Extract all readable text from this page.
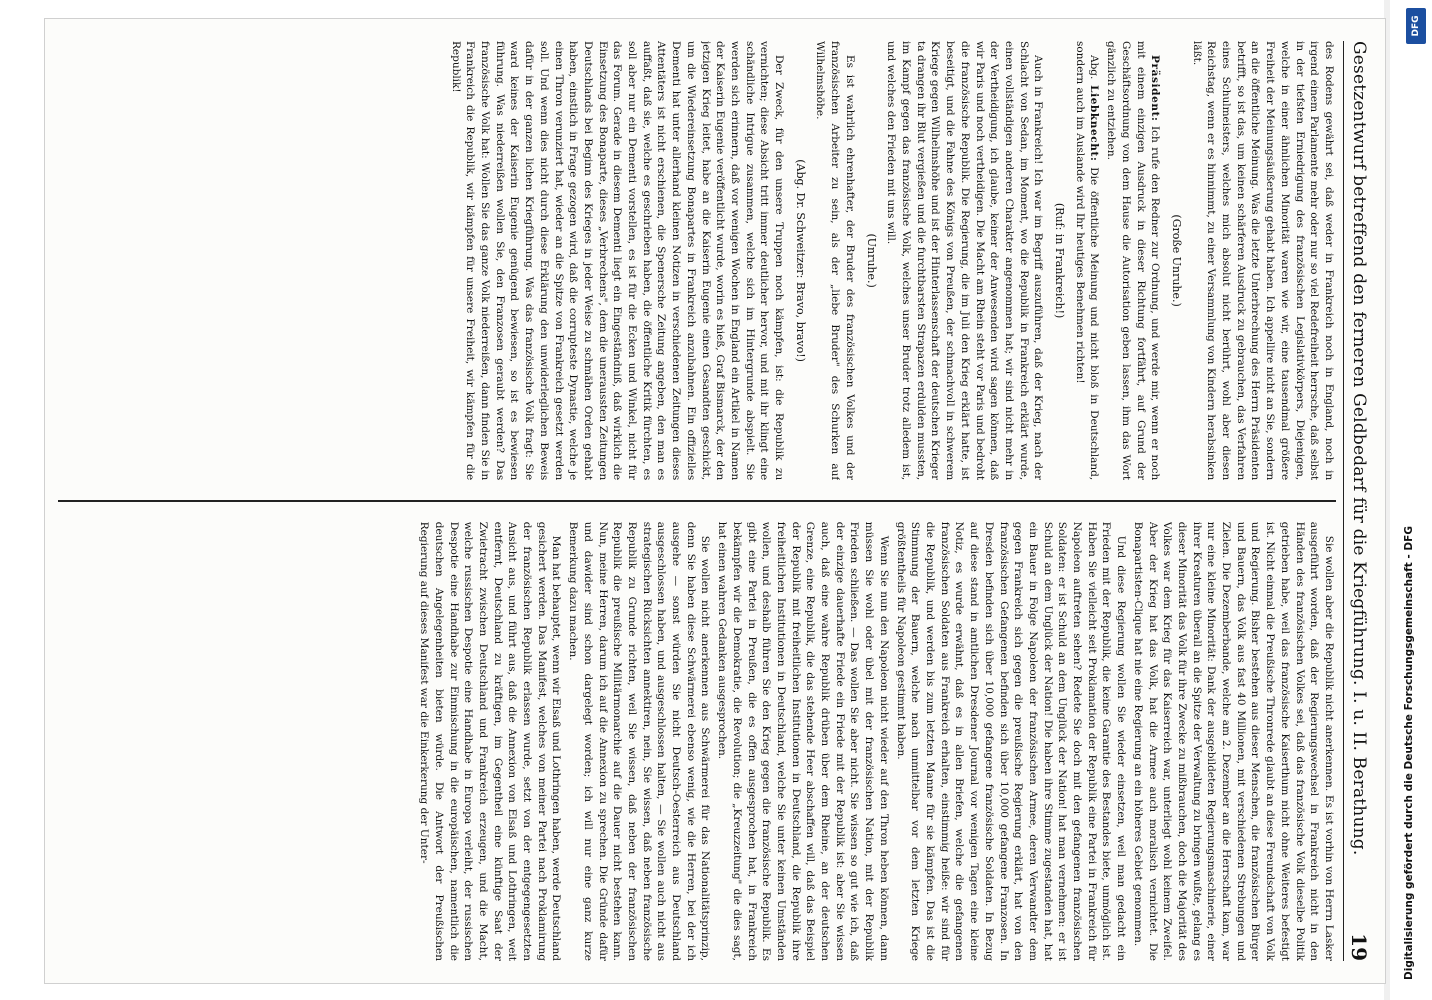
Gesetzentwurf betreffend den ferneren Geldbedarf für die Kriegführung. I. u. II. Berathung.
19

des Rodens gewährt sei, daß weder in Frankreich noch in England, noch in irgend einem Parlamente mehr oder nur so viel Redefreiheit herrsche, daß selbst in der tiefsten Erniedrigung des französischen Legislativkörpers, Diejenigen, welche in einer ähnlichen Minorität waren wie wir, eine tausendmal größere Freiheit der Meinungsäußerung gehabt haben. Ich appellire nicht an Sie, sondern an die öffentliche Meinung. Was die letzte Unterbrechung des Herrn Präsidenten betrifft, so ist das, um keinen schärferen Ausdruck zu gebrauchen, das Verfahren eines Schulmeisters, welches mich absolut nicht berührt, wohl aber diesen Reichstag, wenn er es hinnimmt, zu einer Versammlung von Kindern herabsinken läßt.

(Große Unruhe.)

Präsident: Ich rufe den Redner zur Ordnung, und werde mir, wenn er noch mit einem einzigen Ausdruck in dieser Richtung fortfährt, auf Grund der Geschäftsordnung von dem Hause die Autorisation geben lassen, ihm das Wort gänzlich zu entziehen.

Abg. Liebknecht: Die öffentliche Meinung und nicht bloß in Deutschland, sondern auch im Auslande wird Ihr heutiges Benehmen richten!

(Ruf: in Frankreich!)

Auch in Frankreich! Ich war im Begriff auszuführen, daß der Krieg, nach der Schlacht von Sedan, im Moment, wo die Republik in Frankreich erklärt wurde, einen vollständigen anderen Charakter angenommen hat; wir sind nicht mehr in der Vertheidigung, ich glaube, keiner der Anwesenden wird sagen können, daß wir Paris und noch vertheidigen. Die Macht am Rhein steht vor Paris und bedroht die französische Republik. Die Regierung, die im Juli den Krieg erklärt hatte, ist beseitigt, und die Fahne des Königs von Preußen, der schmachvoll in schwerem Kriege gegen Wilhelmshöhe und ist der Hinterlassenschaft der deutschen Krieger ta drangen ihr Blut vergießen und die furchtbarsten Strapazen erdulden mussten, im Kampf gegen das französische Volk, welches unser Bruder trotz alledem ist, und welches den Frieden mit uns will.

(Unruhe.)

Es ist wahrlich ehrenhafter, der Bruder des französischen Volkes und der französischen Arbeiter zu sein, als der „liebe Bruder" des Schurken auf Wilhelmshöhe.

(Abg. Dr. Schweitzer: Bravo, bravo!)

Der Zweck, für den unsere Truppen noch kämpfen, ist: die Republik zu vernichten; diese Absicht tritt immer deutlicher hervor, und mit ihr klingt eine schändliche Intrigue zusammen, welche sich im Hintergrunde abspielt. Sie werden sich erinnern, daß vor wenigen Wochen in England ein Artikel in Namen der Kaiserin Eugenie veröffentlicht wurde, worin es hieß, Graf Bismarck, der den jetzigen Krieg leitet, habe an die Kaiserin Eugenie einen Gesandten geschickt, um die Wiedereinsetzung Bonapartes in Frankreich anzubahnen. Ein offizielles Dementi hat unter allerhand kleinen Notizen in verschiedenen Zeitungen dieses Attentäters ist nicht erschienen, die Spenersche Zeitung angeben, den man es auffaßt, daß sie, welche es geschrieben haben, die öffentliche Kritik fürchten, es soll aber nur ein Dementi vorstellen, es ist für die Ecken und Winkel, nicht für das Forum. Gerade in diesem Dementi liegt ein Eingeständniß, daß wirklich die Einsetzung des Bonaparte, dieses „Verbrechens", dem die uneraussten Zeitungen Deutschlands bei Beginn des Krieges in jeder Weise zu schmähen Orden gehabt haben, einstlich in Frage gezogen wird, daß die corrupteste Dynastie, welche je einen Thron verunziert hat, wieder an die Spitze von Frankreich gesetzt werden soll. Und wenn dies nicht durch diese Erklärung den unwiderleglichen Beweis dafür in der ganzen lichen Kriegführung. Was das französische Volk fragt: Sie ward keines der Kaiserin Eugenie genügend bewiesen, so ist es bewiesen führung. Was niederreißen wollen Sie, den Franzosen geraubt werden? Das französische Volk hat: Wollen Sie das ganze Volk niederreißen, dann finden Sie in Frankreich die Republik, wir kämpfen für unsere Freiheit, wir kämpfen für die Republik!

Sie wollen aber die Republik nicht anerkennen. Es ist vorhin von Herrn Lasker ausgeführt worden, daß der Regierungswechsel in Frankreich nicht in den Händen des französischen Volkes sei, daß das französische Volk dieselbe Politik getrieben habe, weil das französische Kaiserthum nicht ohne Weiteres befestigt ist. Nicht einmal die Preußische Thronrede glaubt an diese Freundschaft von Volk und Regierung. Bisher bestehen aus dieser Menschen, die französischen Bürger und Bauern, das Volk aus fast 40 Millionen, mit verschiedenen Strebungen und Zielen. Die Dezemberbande, welche am 2. Dezember an die Herrschaft kam, war nur eine kleine Minorität: Dank der ausgebildeten Regierungsmaschinerie, einer ihrer Kreaturen überall an die Spitze der Verwaltung zu bringen wußte, gelang es dieser Minorität das Volk für ihre Zwecke zu mißbrauchen, doch die Majorität des Volkes war dem Krieg für das Kaiserreich war, unterliegt wohl keinem Zweifel. Aber der Krieg hat das Volk, hat die Armee auch moralisch vernichtet. Die Bonapartisten-Clique hat nie eine Regierung an ein höheres Gebiet genommen.

Und diese Regierung wollen Sie wieder einsetzen, weil man gedacht ein Frieden mit der Republik, die keine Garantie des Bestandes biete, unmöglich ist. Haben Sie vielleicht seit Proklamation der Republik eine Partei in Frankreich für Napoleon auftreten sehen? Redete Sie doch mit den gefangenen französischen Soldaten: er ist Schuld an dem Unglück der Nation! hat man vernehmen: er ist Schuld an dem Unglück der Nation! Die haben ihre Stimme zugestanden hat, hat ein Bauer in Folge Napoleon der französischen Armee, deren Verwandter dem gegen Frankreich sich gegen die preußische Regierung erklärt, hat von den französischen Gefangenen befinden sich über 10,000 gefangene Franzosen. In Dresden befinden sich über 10,000 gefangene französische Soldaten. In Bezug auf diese stand in amtlichen Dresdener Journal vor wenigen Tagen eine kleine Notiz, es wurde erwähnt, daß es in allen Briefen, welche die gefangenen französischen Soldaten aus Frankreich erhalten, einstimmig heiße: wir sind für die Republik, und werden bis zum letzten Manne für sie kämpfen. Das ist die Stimmung der Bauern, welche nach unmittelbar vor dem letzten Kriege größtentheils für Napoleon gestimmt haben.

Wenn Sie nun den Napoleon nicht wieder auf den Thron heben können, dann müssen Sie wohl oder übel mit der französischen Nation, mit der Republik Frieden schließen. — Das wollen Sie aber nicht. Sie wissen so gut wie ich, daß der einzige dauerhafte Friede ein Friede mit der Republik ist: aber Sie wissen auch, daß eine wahre Republik drüben über dem Rheine, an der deutschen Grenze, eine Republik, die das stehende Heer abschaffen will, daß das Beispiel der Republik mit freiheitlichen Institutionen in Deutschland, die Republik ihre freiheitlichen Institutionen in Deutschland, welche Sie unter keinen Umständen wollen, und deshalb führen Sie den Krieg gegen die französische Republik. Es gibt eine Partei in Preußen, die es offen ausgesprochen hat, in Frankreich bekämpfen wir die Demokratie, die Revolution; die „Kreuzzeitung" die dies sagt, hat einen wahren Gedanken ausgesprochen.

Sie wollen nicht anerkennen aus Schwärmerei für das Nationalitätsprinzip, denn Sie haben diese Schwärmerei ebenso wenig, wie die Herren, bei der ich ausgehe — sonst würden Sie nicht Deutsch-Oesterreich aus Deutschland ausgeschlossen haben, und ausgeschlossen halten, — Sie wollen auch nicht aus strategischen Rücksichten annektiren, nein, Sie wissen, daß neben französische Republik zu Grunde richten, weil Sie wissen, daß neben der französischen Republik die preußische Militärmonarchie auf die Dauer nicht bestehen kann. Nun, meine Herren, darum ich auf die Annexion zu sprechen. Die Gründe dafür und dawider sind schon dargelegt worden; ich will nur eine ganz kurze Bemerkung dazu machen.

Man hat behauptet, wenn wir Elsaß und Lothringen haben, werde Deutschland gesichert werden. Das Manifest, welches von meiner Partei nach Proklamirung der französischen Republik erlassen wurde, setzt von der entgegengesetzten Ansicht aus, und führt aus, daß die Annexion von Elsaß und Lothringen, weit entfernt, Deutschland zu kräftigen, im Gegentheil eine künftige Saat der Zwietracht zwischen Deutschland und Frankreich erzeugen, und die Macht, welche russischen Despotie eine Handhabe in Europa verleiht, der russischen Despotie eine Handhabe zur Einmischung in die europäischen, namentlich die deutschen Angelegenheiten bieten würde. Die Antwort der Preußischen Regierung auf dieses Manifest war die Einkerkerung der Unter-	Digitalisierung gefördert durch die Deutsche Forschungsgemeinschaft - DFG
DFG
